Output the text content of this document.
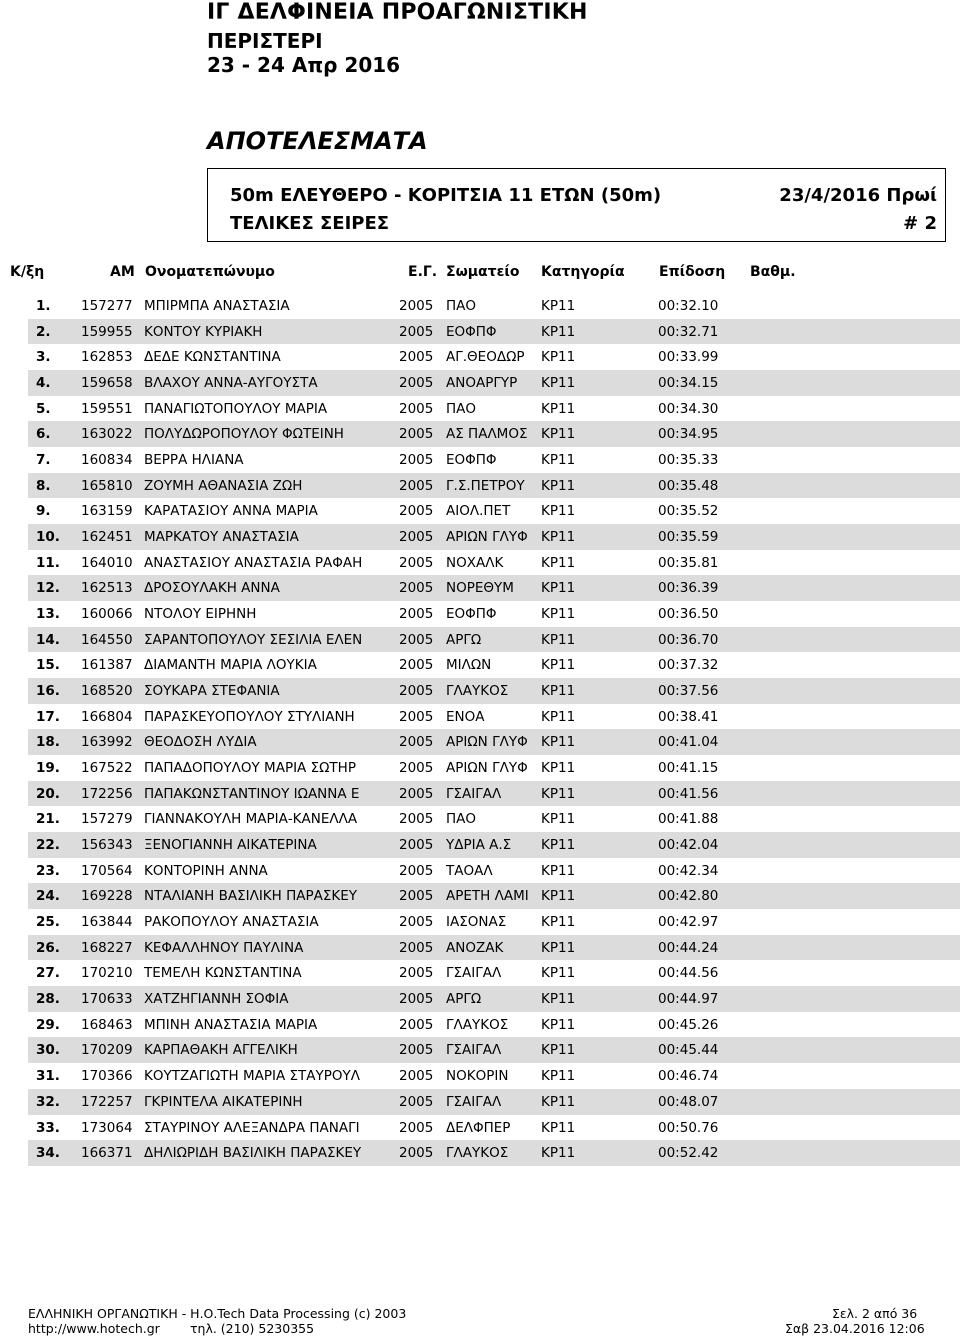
ΙΓ ΔΕΛΦΙΝΕΙΑ ΠΡΟΑΓΩΝΙΣΤΙΚΗ
ΠΕΡΙΣΤΕΡΙ
23 - 24 Απρ 2016
ΑΠΟΤΕΛΕΣΜΑΤΑ
50m ΕΛΕΥΘΕΡΟ - ΚΟΡΙΤΣΙΑ 11 ΕΤΩΝ (50m)	23/4/2016 Πρωί
ΤΕΛΙΚΕΣ ΣΕΙΡΕΣ	# 2
Κ/ξη	ΑΜ Ονοματεπώνυμο	Ε.Γ. Σωματείο Κατηγορία Επίδοση Βαθμ.
1. 157277 ΜΠΙΡΜΠΑ ΑΝΑΣΤΑΣΙΑ	2005 ΠΑΟ	ΚΡ11	00:32.10
2. 159955 ΚΟΝΤΟΥ ΚΥΡΙΑΚΗ	2005 ΕΟΦΠΦ	ΚΡ11	00:32.71
3. 162853 ΔΕΔΕ ΚΩΝΣΤΑΝΤΙΝΑ	2005 ΑΓ.ΘΕΟΔΩΡ ΚΡ11	00:33.99
4. 159658 ΒΛΑΧΟΥ ΑΝΝΑ-ΑΥΓΟΥΣΤΑ	2005 ΑΝΟΑΡΓΥΡ ΚΡ11	00:34.15
5. 159551 ΠΑΝΑΓΙΩΤΟΠΟΥΛΟΥ ΜΑΡΙΑ	2005 ΠΑΟ	ΚΡ11	00:34.30
6. 163022 ΠΟΛΥΔΩΡΟΠΟΥΛΟΥ ΦΩΤΕΙΝΗ	2005 ΑΣ ΠΑΛΜΟΣ ΚΡ11	00:34.95
7. 160834 ΒΕΡΡΑ ΗΛΙΑΝΑ	2005 ΕΟΦΠΦ	ΚΡ11	00:35.33
8. 165810 ΖΟΥΜΗ ΑΘΑΝΑΣΙΑ ΖΩΗ	2005 Γ.Σ.ΠΕΤΡΟΥ ΚΡ11	00:35.48
9. 163159 ΚΑΡΑΤΑΣΙΟΥ ΑΝΝΑ ΜΑΡΙΑ	2005 ΑΙΟΛ.ΠΕΤ ΚΡ11	00:35.52
10. 162451 ΜΑΡΚΑΤΟΥ ΑΝΑΣΤΑΣΙΑ	2005 ΑΡΙΩΝ ΓΛΥΦ ΚΡ11	00:35.59
11. 164010 ΑΝΑΣΤΑΣΙΟΥ ΑΝΑΣΤΑΣΙΑ ΡΑΦΑΗ	2005 ΝΟΧΑΛΚ	ΚΡ11	00:35.81
12. 162513 ΔΡΟΣΟΥΛΑΚΗ ΑΝΝΑ	2005 ΝΟΡΕΘΥΜ ΚΡ11	00:36.39
13. 160066 ΝΤΟΛΟΥ ΕΙΡΗΝΗ	2005 ΕΟΦΠΦ	ΚΡ11	00:36.50
14. 164550 ΣΑΡΑΝΤΟΠΟΥΛΟΥ ΣΕΣΙΛΙΑ ΕΛΕΝ	2005 ΑΡΓΩ	ΚΡ11	00:36.70
15. 161387 ΔΙΑΜΑΝΤΗ ΜΑΡΙΑ ΛΟΥΚΙΑ	2005 ΜΙΛΩΝ	ΚΡ11	00:37.32
16. 168520 ΣΟΥΚΑΡΑ ΣΤΕΦΑΝΙΑ	2005 ΓΛΑΥΚΟΣ ΚΡ11	00:37.56
17. 166804 ΠΑΡΑΣΚΕΥΟΠΟΥΛΟΥ ΣΤΥΛΙΑΝΗ	2005 ΕΝΟΑ	ΚΡ11	00:38.41
18. 163992 ΘΕΟΔΟΣΗ ΛΥΔΙΑ	2005 ΑΡΙΩΝ ΓΛΥΦ ΚΡ11	00:41.04
19. 167522 ΠΑΠΑΔΟΠΟΥΛΟΥ ΜΑΡΙΑ ΣΩΤΗΡ	2005 ΑΡΙΩΝ ΓΛΥΦ ΚΡ11	00:41.15
20. 172256 ΠΑΠΑΚΩΝΣΤΑΝΤΙΝΟΥ ΙΩΑΝΝΑ Ε	2005 ΓΣΑΙΓΑΛ	ΚΡ11	00:41.56
21. 157279 ΓΙΑΝΝΑΚΟΥΛΗ ΜΑΡΙΑ-ΚΑΝΕΛΛΑ	2005 ΠΑΟ	ΚΡ11	00:41.88
22. 156343 ΞΕΝΟΓΙΑΝΝΗ ΑΙΚΑΤΕΡΙΝΑ	2005 ΥΔΡΙΑ Α.Σ ΚΡ11	00:42.04
23. 170564 ΚΟΝΤΟΡΙΝΗ ΑΝΝΑ	2005 ΤΑΟΑΛ	ΚΡ11	00:42.34
24. 169228 ΝΤΑΛΙΑΝΗ ΒΑΣΙΛΙΚΗ ΠΑΡΑΣΚΕΥ	2005 ΑΡΕΤΗ ΛΑΜΙ ΚΡ11	00:42.80
25. 163844 ΡΑΚΟΠΟΥΛΟΥ ΑΝΑΣΤΑΣΙΑ	2005 ΙΑΣΟΝΑΣ	ΚΡ11	00:42.97
26. 168227 ΚΕΦΑΛΛΗΝΟΥ ΠΑΥΛΙΝΑ	2005 ΑΝΟΖΑΚ	ΚΡ11	00:44.24
27. 170210 ΤΕΜΕΛΗ ΚΩΝΣΤΑΝΤΙΝΑ	2005 ΓΣΑΙΓΑΛ	ΚΡ11	00:44.56
28. 170633 ΧΑΤΖΗΓΙΑΝΝΗ ΣΟΦΙΑ	2005 ΑΡΓΩ	ΚΡ11	00:44.97
29. 168463 ΜΠΙΝΗ ΑΝΑΣΤΑΣΙΑ ΜΑΡΙΑ	2005 ΓΛΑΥΚΟΣ ΚΡ11	00:45.26
30. 170209 ΚΑΡΠΑΘΑΚΗ ΑΓΓΕΛΙΚΗ	2005 ΓΣΑΙΓΑΛ	ΚΡ11	00:45.44
31. 170366 ΚΟΥΤΖΑΓΙΩΤΗ ΜΑΡΙΑ ΣΤΑΥΡΟΥΛ	2005 ΝΟΚΟΡΙΝ ΚΡ11	00:46.74
32. 172257 ΓΚΡΙΝΤΕΛΑ ΑΙΚΑΤΕΡΙΝΗ	2005 ΓΣΑΙΓΑΛ	ΚΡ11	00:48.07
33. 173064 ΣΤΑΥΡΙΝΟΥ ΑΛΕΞΑΝΔΡΑ ΠΑΝΑΓΙ	2005 ΔΕΛΦΠΕΡ ΚΡ11	00:50.76
34. 166371 ΔΗΛΙΩΡΙΔΗ ΒΑΣΙΛΙΚΗ ΠΑΡΑΣΚΕΥ	2005 ΓΛΑΥΚΟΣ ΚΡ11	00:52.42
ΕΛΛΗΝΙΚΗ ΟΡΓΑΝΩΤΙΚΗ - Η.Ο.Tech Data Processing (c) 2003
http://www.hotech.gr τηλ. (210) 5230355
Σελ. 2 από 36
Σαβ 23.04.2016 12:06
